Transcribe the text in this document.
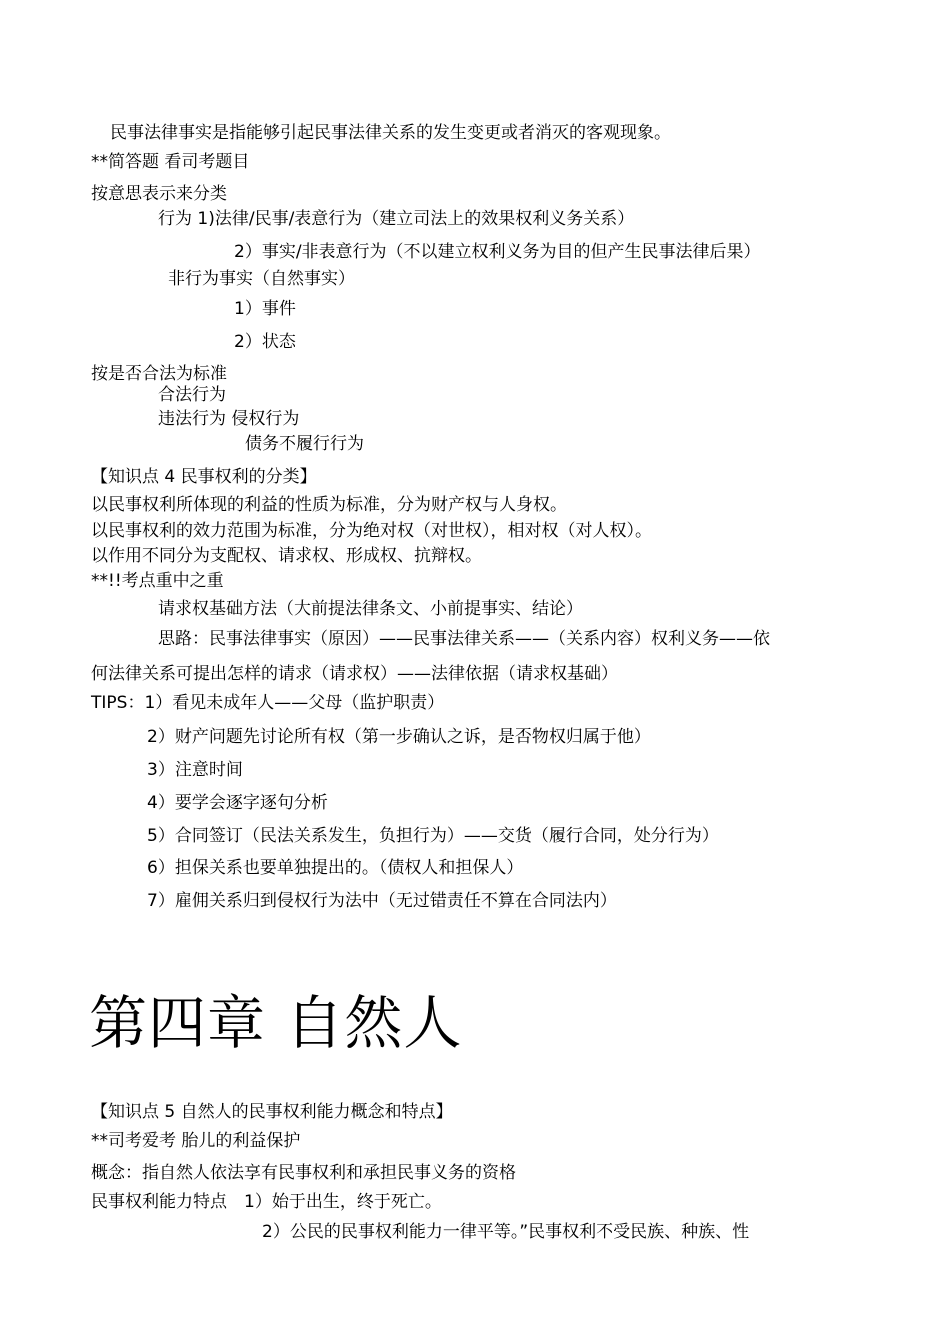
民事法律事实是指能够引起民事法律关系的发生变更或者消灭的客观现象。
**简答题 看司考题目
按意思表示来分类
行为 1)法律/民事/表意行为（建立司法上的效果权利义务关系）
2）事实/非表意行为（不以建立权利义务为目的但产生民事法律后果）
非行为事实（自然事实）
1）事件
2）状态
按是否合法为标准
合法行为
违法行为 侵权行为
债务不履行行为
【知识点 4 民事权利的分类】
以民事权利所体现的利益的性质为标准，分为财产权与人身权。
以民事权利的效力范围为标准，分为绝对权（对世权），相对权（对人权）。
以作用不同分为支配权、请求权、形成权、抗辩权。
**!!考点重中之重
请求权基础方法（大前提法律条文、小前提事实、结论）
思路：民事法律事实（原因）——民事法律关系——（关系内容）权利义务——依
何法律关系可提出怎样的请求（请求权）——法律依据（请求权基础）
TIPS：1）看见未成年人——父母（监护职责）
2）财产问题先讨论所有权（第一步确认之诉，是否物权归属于他）
3）注意时间
4）要学会逐字逐句分析
5）合同签订（民法关系发生，负担行为）——交货（履行合同，处分行为）
6）担保关系也要单独提出的。（债权人和担保人）
7）雇佣关系归到侵权行为法中（无过错责任不算在合同法内）
第四章 自然人
【知识点 5 自然人的民事权利能力概念和特点】
**司考爱考 胎儿的利益保护
概念：指自然人依法享有民事权利和承担民事义务的资格
民事权利能力特点　1）始于出生，终于死亡。
2）公民的民事权利能力一律平等。”民事权利不受民族、种族、性
